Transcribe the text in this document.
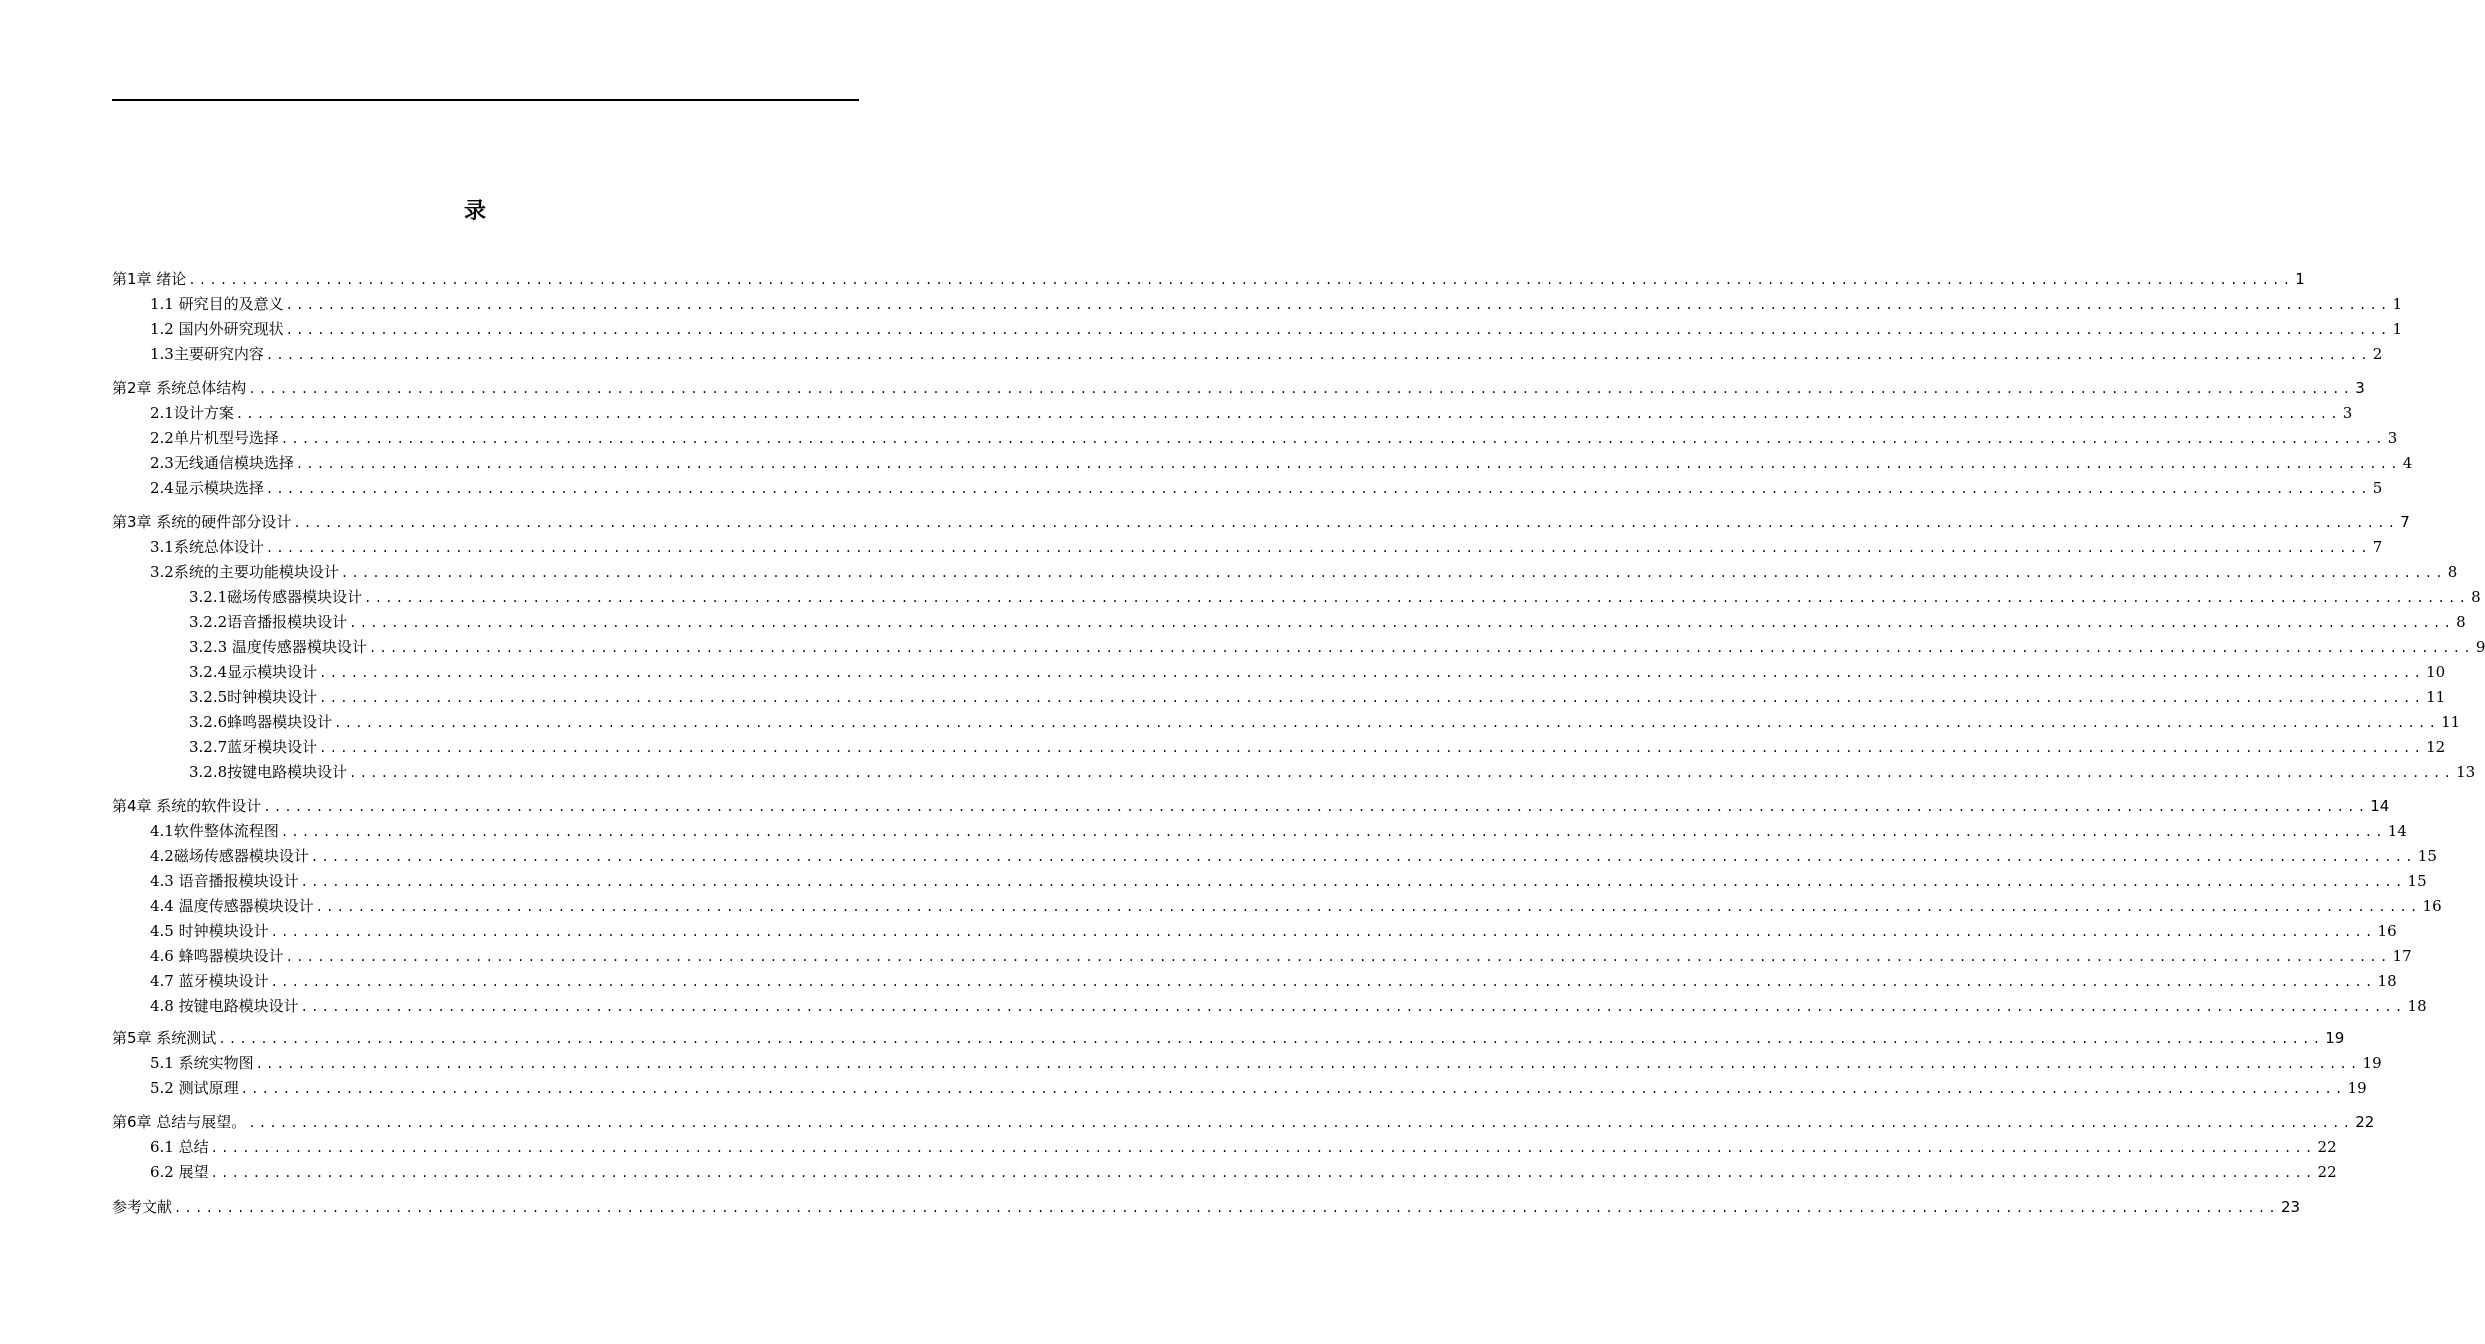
录
第1章 绪论 ........................................................................................................................................................................................................ 1
1.1 研究目的及意义 ........................................................................................................................................................................................................ 1
1.2 国内外研究现状 ........................................................................................................................................................................................................ 1
1.3主要研究内容 ........................................................................................................................................................................................................ 2
第2章 系统总体结构 ........................................................................................................................................................................................................ 3
2.1设计方案 ........................................................................................................................................................................................................ 3
2.2单片机型号选择 ........................................................................................................................................................................................................ 3
2.3无线通信模块选择 ........................................................................................................................................................................................................ 4
2.4显示模块选择 ........................................................................................................................................................................................................ 5
第3章 系统的硬件部分设计 ........................................................................................................................................................................................................ 7
3.1系统总体设计 ........................................................................................................................................................................................................ 7
3.2系统的主要功能模块设计 ........................................................................................................................................................................................................ 8
3.2.1磁场传感器模块设计 ........................................................................................................................................................................................................ 8
3.2.2语音播报模块设计 ........................................................................................................................................................................................................ 8
3.2.3 温度传感器模块设计 ........................................................................................................................................................................................................ 9
3.2.4显示模块设计 ........................................................................................................................................................................................................ 10
3.2.5时钟模块设计 ........................................................................................................................................................................................................ 11
3.2.6蜂鸣器模块设计 ........................................................................................................................................................................................................ 11
3.2.7蓝牙模块设计 ........................................................................................................................................................................................................ 12
3.2.8按键电路模块设计 ........................................................................................................................................................................................................ 13
第4章 系统的软件设计 ........................................................................................................................................................................................................ 14
4.1软件整体流程图 ........................................................................................................................................................................................................ 14
4.2磁场传感器模块设计 ........................................................................................................................................................................................................ 15
4.3 语音播报模块设计 ........................................................................................................................................................................................................ 15
4.4 温度传感器模块设计 ........................................................................................................................................................................................................ 16
4.5 时钟模块设计 ........................................................................................................................................................................................................ 16
4.6 蜂鸣器模块设计 ........................................................................................................................................................................................................ 17
4.7 蓝牙模块设计 ........................................................................................................................................................................................................ 18
4.8 按键电路模块设计 ........................................................................................................................................................................................................ 18
第5章 系统测试 ........................................................................................................................................................................................................ 19
5.1 系统实物图 ........................................................................................................................................................................................................ 19
5.2 测试原理 ........................................................................................................................................................................................................ 19
第6章 总结与展望。 ........................................................................................................................................................................................................ 22
6.1 总结 ........................................................................................................................................................................................................ 22
6.2 展望 ........................................................................................................................................................................................................ 22
参考文献 ........................................................................................................................................................................................................ 23
